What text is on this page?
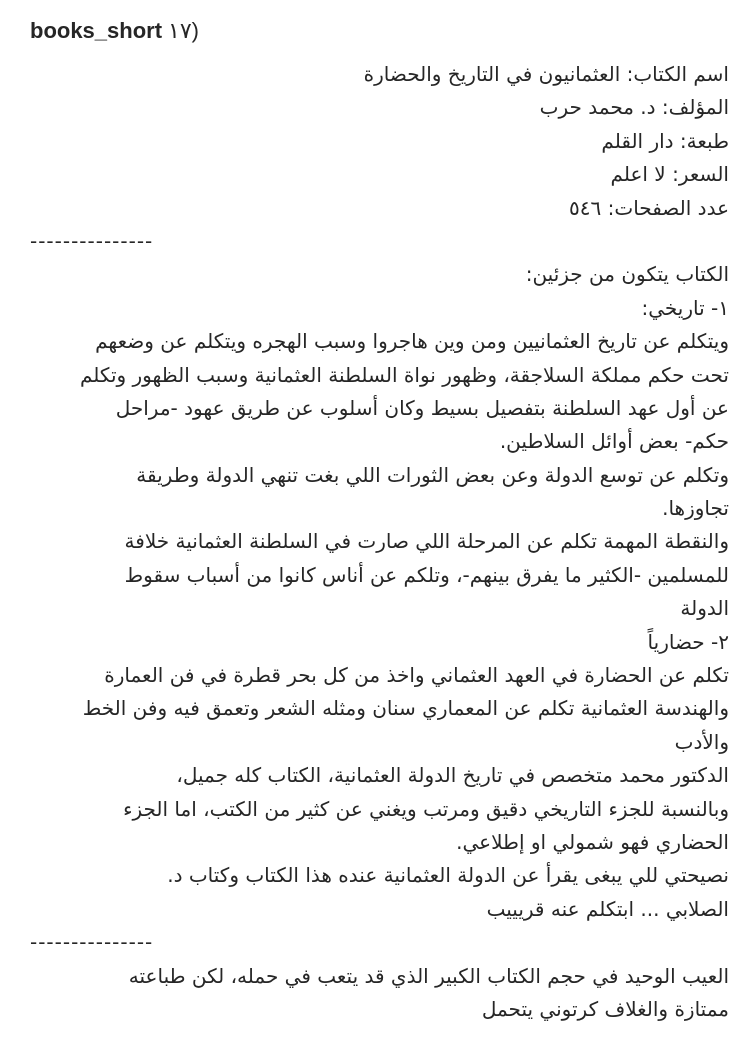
books_short ١٧)
اسم الكتاب: العثمانيون في التاريخ والحضارة
المؤلف: د. محمد حرب
طبعة: دار القلم
السعر: لا اعلم
عدد الصفحات: ٥٤٦
---------------
الكتاب يتكون من جزئين:
١- تاريخي:
ويتكلم عن تاريخ العثمانيين ومن وين هاجروا وسبب الهجره ويتكلم عن وضعهم
تحت حكم مملكة السلاجقة، وظهور نواة السلطنة العثمانية وسبب الظهور وتكلم
عن أول عهد السلطنة بتفصيل بسيط وكان أسلوب عن طريق عهود -مراحل
حكم- بعض أوائل السلاطين.
وتكلم عن توسع الدولة وعن بعض الثورات اللي بغت تنهي الدولة وطريقة
تجاوزها.
والنقطة المهمة تكلم عن المرحلة اللي صارت في السلطنة العثمانية خلافة
للمسلمين -الكثير ما يفرق بينهم-، وتلكم عن أناس كانوا من أسباب سقوط
الدولة
٢- حضارياً
تكلم عن الحضارة في العهد العثماني واخذ من كل بحر قطرة في فن العمارة
والهندسة العثمانية تكلم عن المعماري سنان ومثله الشعر وتعمق فيه وفن الخط
والأدب
الدكتور محمد متخصص في تاريخ الدولة العثمانية، الكتاب كله جميل،
وبالنسبة للجزء التاريخي دقيق ومرتب ويغني عن كثير من الكتب، اما الجزء
الحضاري فهو شمولي او إطلاعي.
نصيحتي للي يبغى يقرأ عن الدولة العثمانية عنده هذا الكتاب وكتاب د.
الصلابي ... ابتكلم عنه قريييب
---------------
العيب الوحيد في حجم الكتاب الكبير الذي قد يتعب في حمله، لكن طباعته
ممتازة والغلاف كرتوني يتحمل
